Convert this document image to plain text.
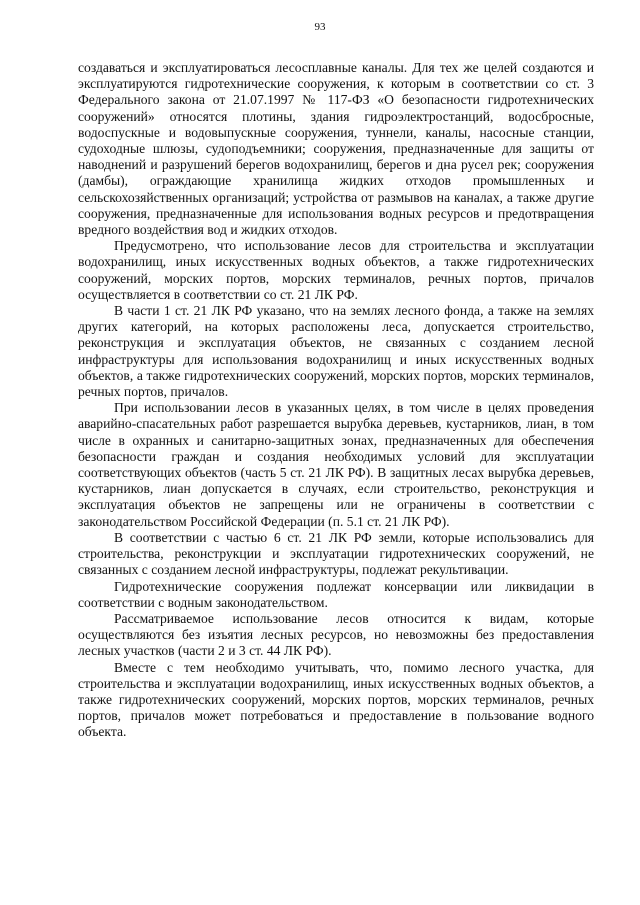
93

создаваться и эксплуатироваться лесосплавные каналы. Для тех же целей создаются и эксплуатируются гидротехнические сооружения, к которым в соответствии со ст. 3 Федерального закона от 21.07.1997 № 117-ФЗ «О безопасности гидротехнических сооружений» относятся плотины, здания гидроэлектростанций, водосбросные, водоспускные и водовыпускные сооружения, туннели, каналы, насосные станции, судоходные шлюзы, судоподъемники; сооружения, предназначенные для защиты от наводнений и разрушений берегов водохранилищ, берегов и дна русел рек; сооружения (дамбы), ограждающие хранилища жидких отходов промышленных и сельскохозяйственных организаций; устройства от размывов на каналах, а также другие сооружения, предназначенные для использования водных ресурсов и предотвращения вредного воздействия вод и жидких отходов.

Предусмотрено, что использование лесов для строительства и эксплуатации водохранилищ, иных искусственных водных объектов, а также гидротехнических сооружений, морских портов, морских терминалов, речных портов, причалов осуществляется в соответствии со ст. 21 ЛК РФ.

В части 1 ст. 21 ЛК РФ указано, что на землях лесного фонда, а также на землях других категорий, на которых расположены леса, допускается строительство, реконструкция и эксплуатация объектов, не связанных с созданием лесной инфраструктуры для использования водохранилищ и иных искусственных водных объектов, а также гидротехнических сооружений, морских портов, морских терминалов, речных портов, причалов.

При использовании лесов в указанных целях, в том числе в целях проведения аварийно-спасательных работ разрешается вырубка деревьев, кустарников, лиан, в том числе в охранных и санитарно-защитных зонах, предназначенных для обеспечения безопасности граждан и создания необходимых условий для эксплуатации соответствующих объектов (часть 5 ст. 21 ЛК РФ). В защитных лесах вырубка деревьев, кустарников, лиан допускается в случаях, если строительство, реконструкция и эксплуатация объектов не запрещены или не ограничены в соответствии с законодательством Российской Федерации (п. 5.1 ст. 21 ЛК РФ).

В соответствии с частью 6 ст. 21 ЛК РФ земли, которые использовались для строительства, реконструкции и эксплуатации гидротехнических сооружений, не связанных с созданием лесной инфраструктуры, подлежат рекультивации.

Гидротехнические сооружения подлежат консервации или ликвидации в соответствии с водным законодательством.

Рассматриваемое использование лесов относится к видам, которые осуществляются без изъятия лесных ресурсов, но невозможны без предоставления лесных участков (части 2 и 3 ст. 44 ЛК РФ).

Вместе с тем необходимо учитывать, что, помимо лесного участка, для строительства и эксплуатации водохранилищ, иных искусственных водных объектов, а также гидротехнических сооружений, морских портов, морских терминалов, речных портов, причалов может потребоваться и предоставление в пользование водного объекта.
